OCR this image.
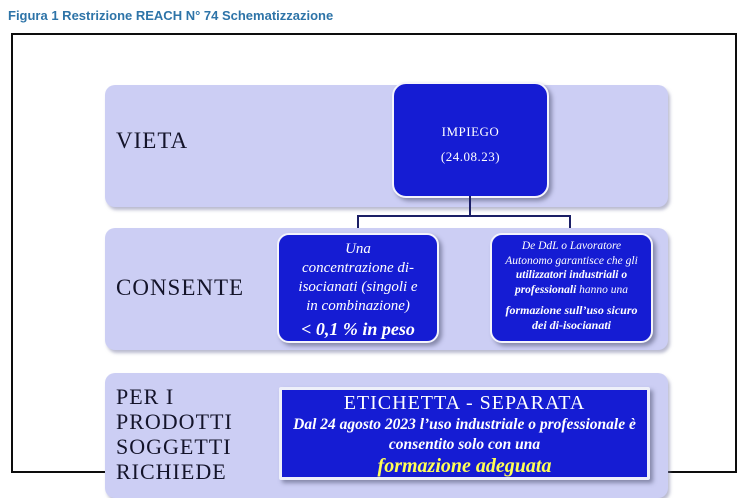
Figura 1 Restrizione REACH N° 74 Schematizzazione
VIETA	IMPIEGO
(24.08.23)
CONSENTE
Una
concentrazione di-
isocianati (singoli e
in combinazione)
< 0,1 % in peso
De DdL o Lavoratore Autonomo garantisce che gli utilizzatori industriali o professionali hanno una
formazione sull’uso sicuro dei di-isocianati
PER I
PRODOTTI
SOGGETTI
RICHIEDE
ETICHETTA - SEPARATA
Dal 24 agosto 2023 l’uso industriale o professionale è consentito solo con una
formazione adeguata
